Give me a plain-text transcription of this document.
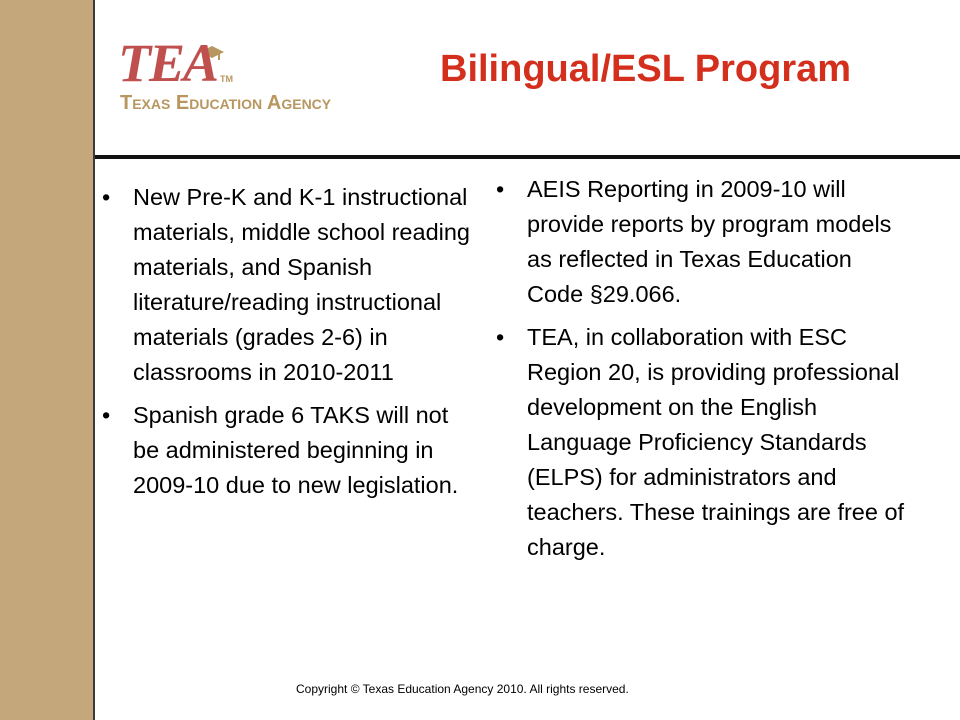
TEA TM
Texas Education Agency
Bilingual/ESL Program
• New Pre-K and K-1 instructional materials, middle school reading materials, and Spanish literature/reading instructional materials (grades 2-6) in classrooms in 2010-2011
• Spanish grade 6 TAKS will not be administered beginning in 2009-10 due to new legislation.
• AEIS Reporting in 2009-10 will provide reports by program models as reflected in Texas Education Code §29.066.
• TEA, in collaboration with ESC Region 20, is providing professional development on the English Language Proficiency Standards (ELPS) for administrators and teachers. These trainings are free of charge.
Copyright © Texas Education Agency 2010. All rights reserved.
